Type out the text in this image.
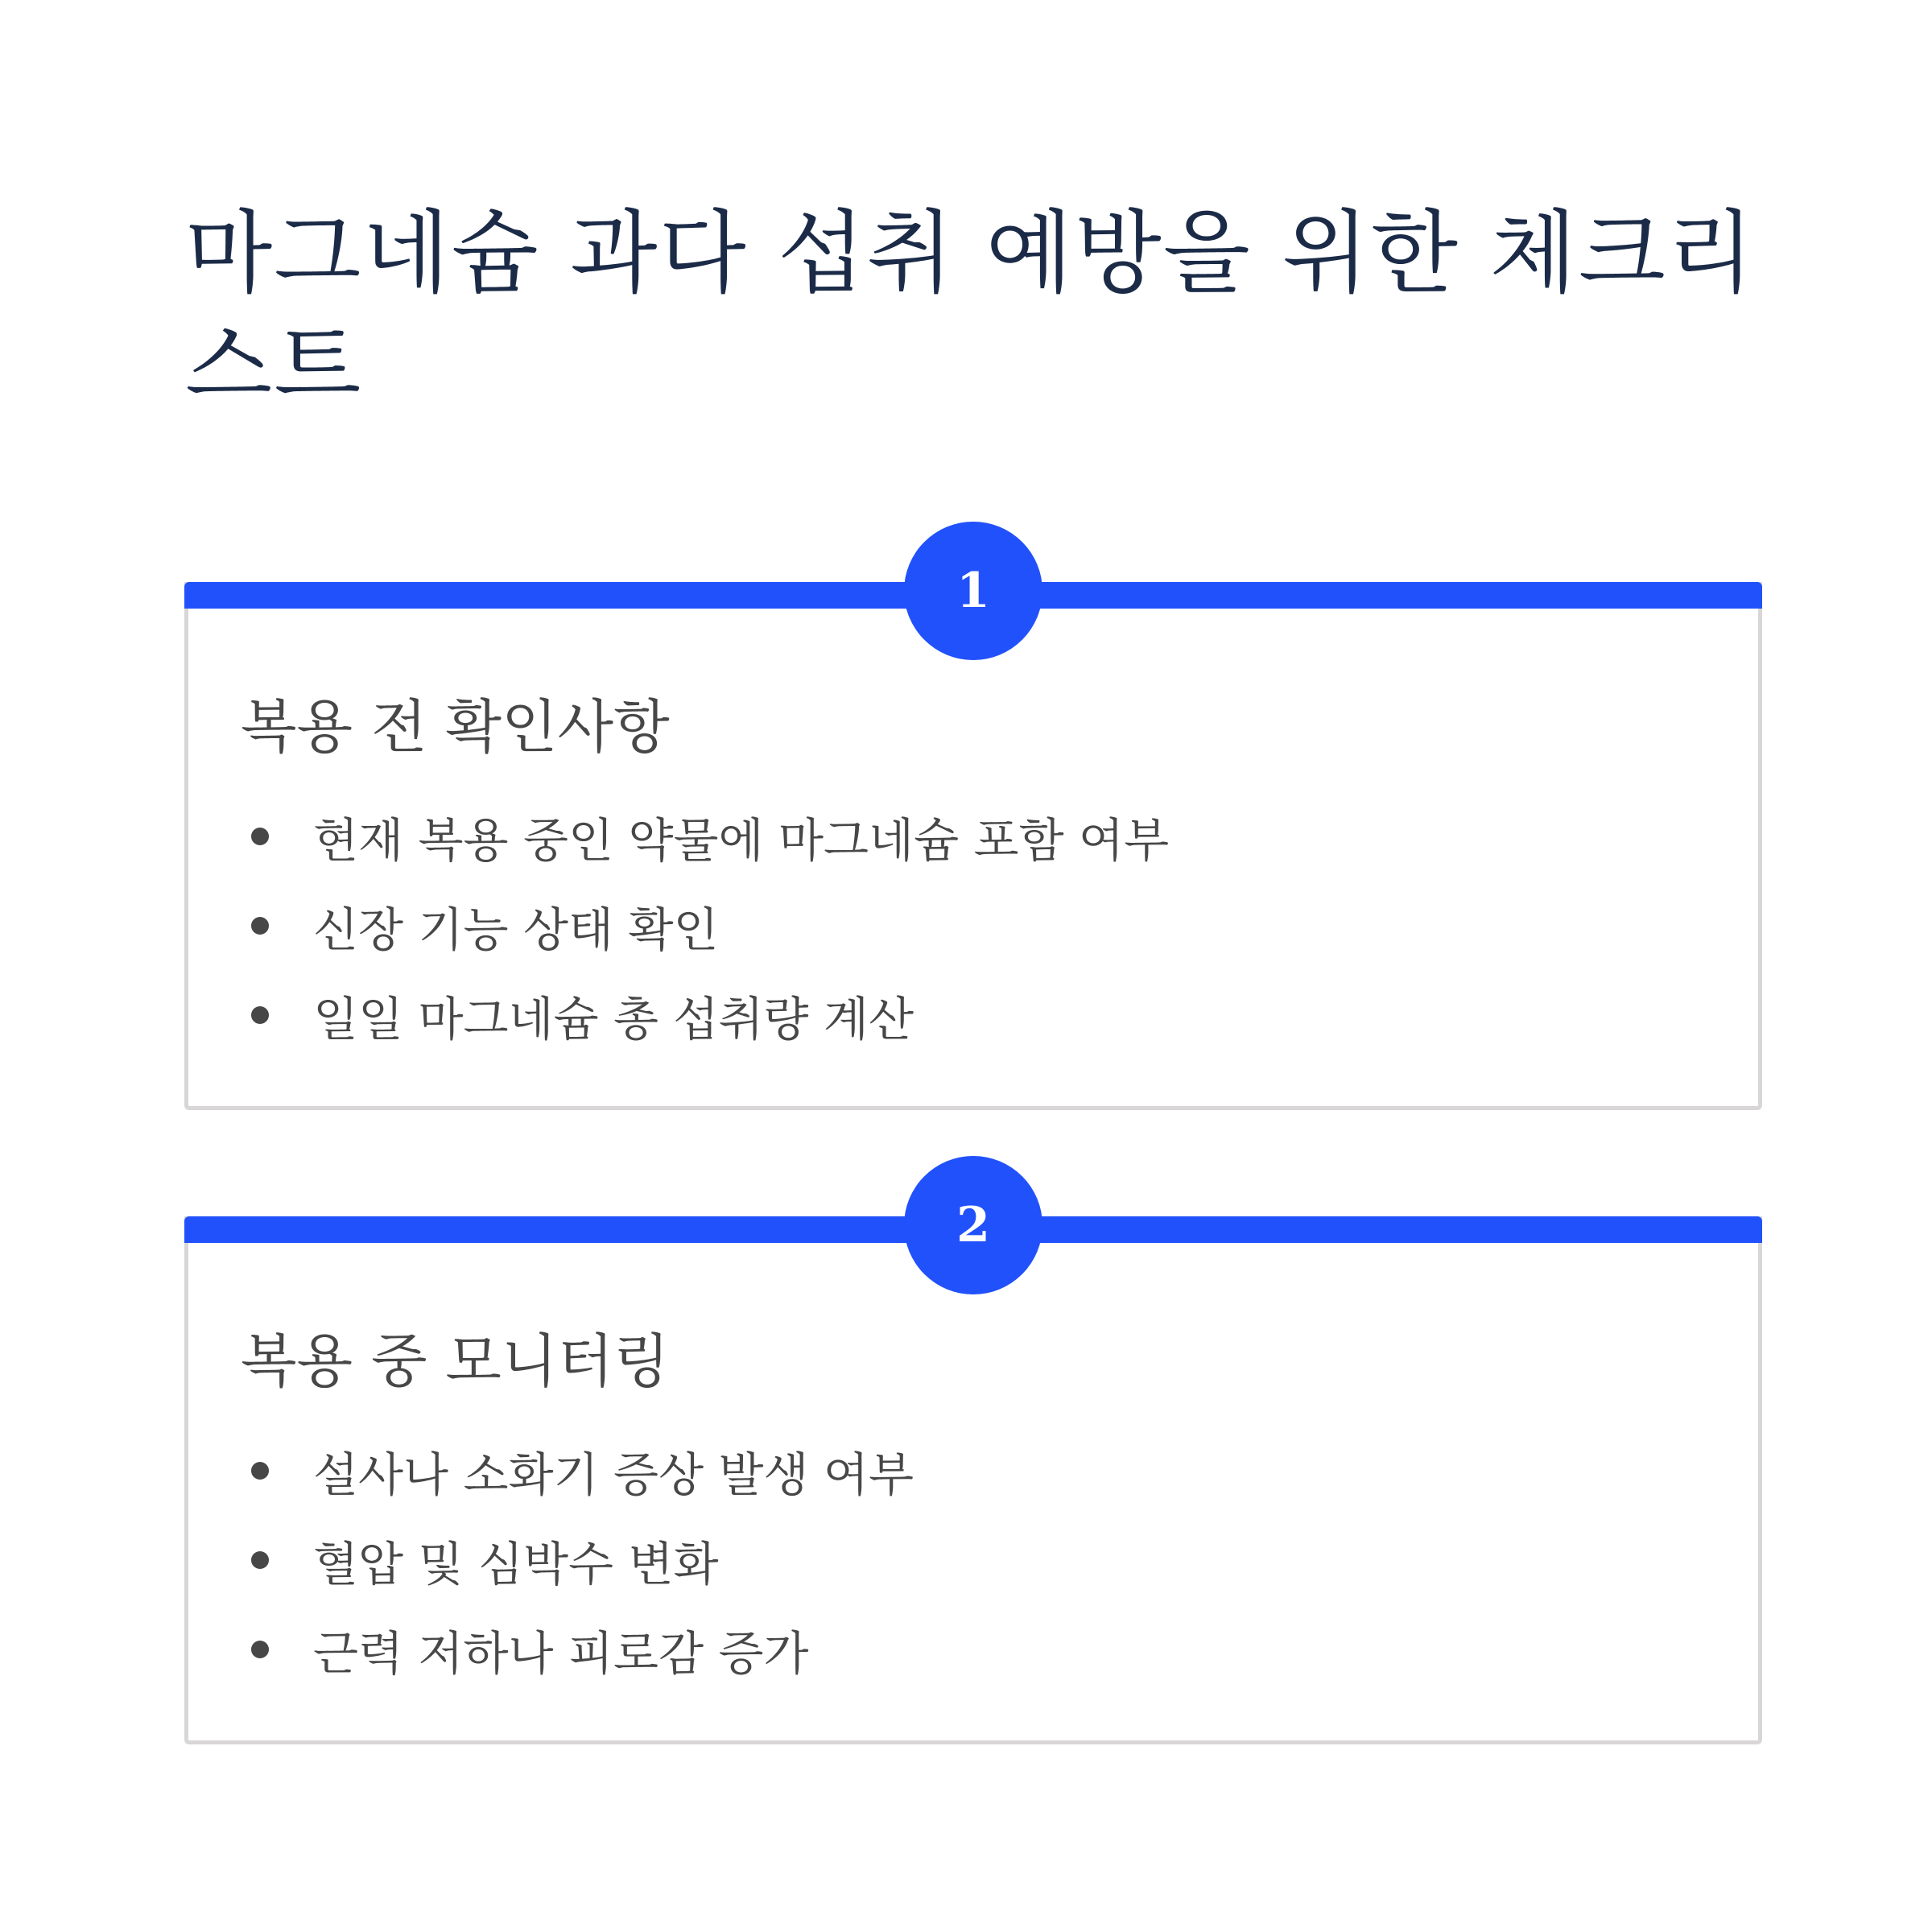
마그네슘 과다 섭취 예방을 위한 체크리스트
1
복용 전 확인사항
현재 복용 중인 약물에 마그네슘 포함 여부
신장 기능 상태 확인
일일 마그네슘 총 섭취량 계산
2
복용 중 모니터링
설사나 소화기 증상 발생 여부
혈압 및 심박수 변화
근력 저하나 피로감 증가
